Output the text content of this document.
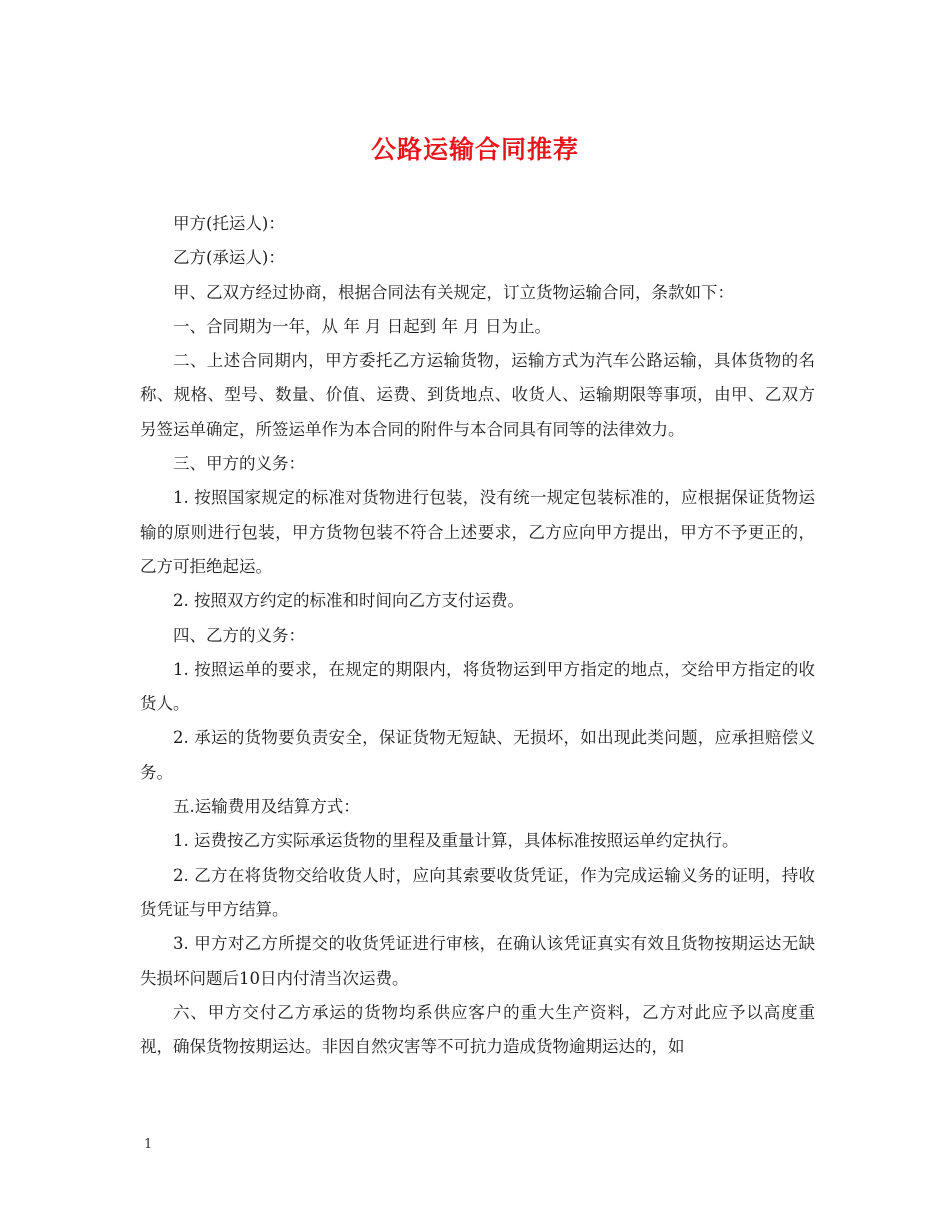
公路运输合同推荐

甲方(托运人)：

乙方(承运人)：

甲、乙双方经过协商，根据合同法有关规定，订立货物运输合同，条款如下：

一、合同期为一年，从 年 月 日起到 年 月 日为止。

二、上述合同期内，甲方委托乙方运输货物，运输方式为汽车公路运输，具体货物的名称、规格、型号、数量、价值、运费、到货地点、收货人、运输期限等事项，由甲、乙双方另签运单确定，所签运单作为本合同的附件与本合同具有同等的法律效力。

三、甲方的义务：

1. 按照国家规定的标准对货物进行包装，没有统一规定包装标准的，应根据保证货物运输的原则进行包装，甲方货物包装不符合上述要求，乙方应向甲方提出，甲方不予更正的，乙方可拒绝起运。

2. 按照双方约定的标准和时间向乙方支付运费。

四、乙方的义务：

1. 按照运单的要求，在规定的期限内，将货物运到甲方指定的地点，交给甲方指定的收货人。

2. 承运的货物要负责安全，保证货物无短缺、无损坏，如出现此类问题，应承担赔偿义务。

五.运输费用及结算方式：

1. 运费按乙方实际承运货物的里程及重量计算，具体标准按照运单约定执行。

2. 乙方在将货物交给收货人时，应向其索要收货凭证，作为完成运输义务的证明，持收货凭证与甲方结算。

3. 甲方对乙方所提交的收货凭证进行审核，在确认该凭证真实有效且货物按期运达无缺失损坏问题后10日内付清当次运费。

六、甲方交付乙方承运的货物均系供应客户的重大生产资料，乙方对此应予以高度重视，确保货物按期运达。非因自然灾害等不可抗力造成货物逾期运达的，如

1
